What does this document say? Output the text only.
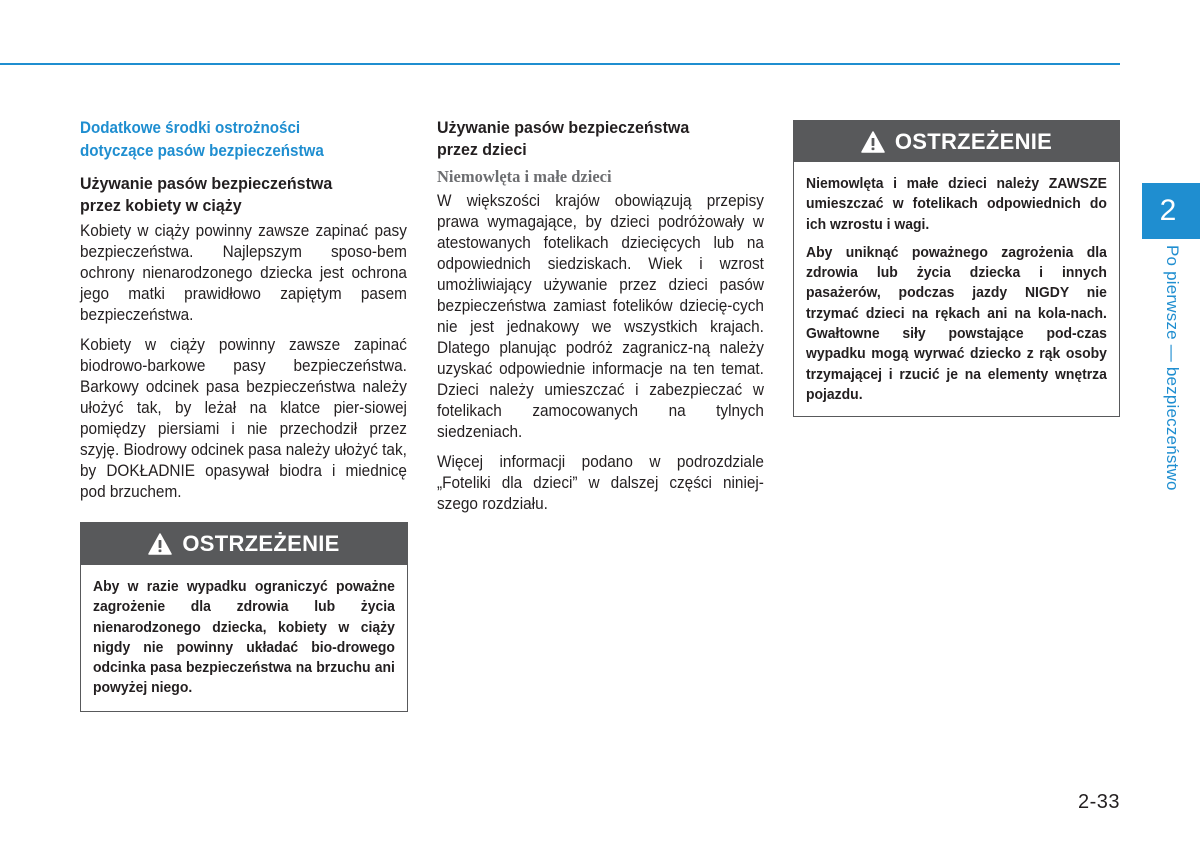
Dodatkowe środki ostrożności
dotyczące pasów bezpieczeństwa
Używanie pasów bezpieczeństwa
przez kobiety w ciąży

Kobiety w ciąży powinny zawsze zapinać pasy bezpieczeństwa. Najlepszym sposo-bem ochrony nienarodzonego dziecka jest ochrona jego matki prawidłowo zapiętym pasem bezpieczeństwa.

Kobiety w ciąży powinny zawsze zapinać biodrowo-barkowe pasy bezpieczeństwa. Barkowy odcinek pasa bezpieczeństwa należy ułożyć tak, by leżał na klatce pier-siowej pomiędzy piersiami i nie przechodził przez szyję. Biodrowy odcinek pasa należy ułożyć tak, by DOKŁADNIE opasywał biodra i miednicę pod brzuchem.

OSTRZEŻENIE

Aby w razie wypadku ograniczyć poważne zagrożenie dla zdrowia lub życia nienarodzonego dziecka, kobiety w ciąży nigdy nie powinny układać bio-drowego odcinka pasa bezpieczeństwa na brzuchu ani powyżej niego.

Używanie pasów bezpieczeństwa
przez dzieci
Niemowlęta i małe dzieci

W większości krajów obowiązują przepisy prawa wymagające, by dzieci podróżowały w atestowanych fotelikach dziecięcych lub na odpowiednich siedziskach. Wiek i wzrost umożliwiający używanie przez dzieci pasów bezpieczeństwa zamiast fotelików dziecię-cych nie jest jednakowy we wszystkich krajach. Dlatego planując podróż zagranicz-ną należy uzyskać odpowiednie informacje na ten temat. Dzieci należy umieszczać i zabezpieczać w fotelikach zamocowanych na tylnych siedzeniach.

Więcej informacji podano w podrozdziale „Foteliki dla dzieci” w dalszej części niniej-szego rozdziału.

OSTRZEŻENIE

Niemowlęta i małe dzieci należy ZAWSZE umieszczać w fotelikach odpowiednich do ich wzrostu i wagi.

Aby uniknąć poważnego zagrożenia dla zdrowia lub życia dziecka i innych pasażerów, podczas jazdy NIGDY nie trzymać dzieci na rękach ani na kola-nach. Gwałtowne siły powstające pod-czas wypadku mogą wyrwać dziecko z rąk osoby trzymającej i rzucić je na elementy wnętrza pojazdu.

2
Po pierwsze — bezpieczeństwo
2-33
